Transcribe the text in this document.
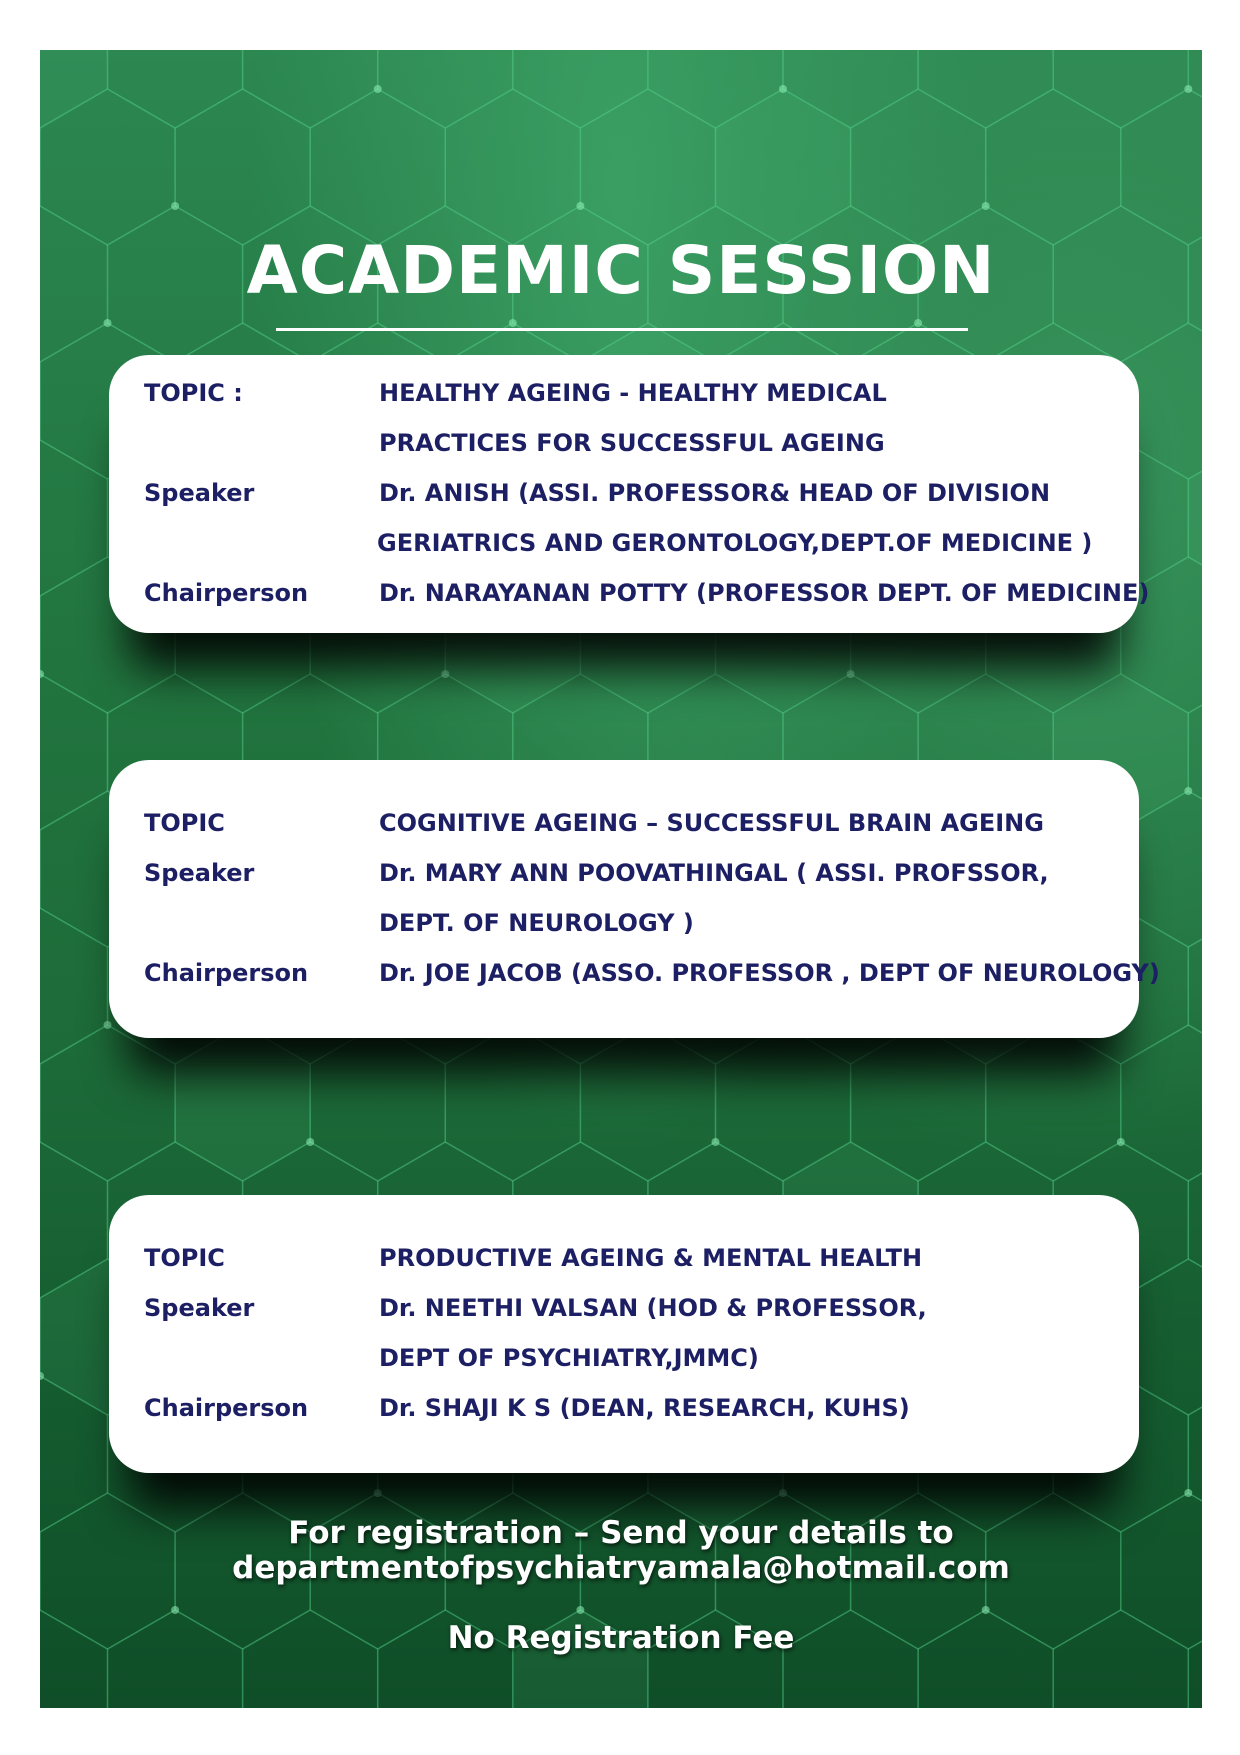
ACADEMIC SESSION
TOPIC :	HEALTHY AGEING - HEALTHY MEDICAL
PRACTICES FOR SUCCESSFUL AGEING
Speaker	Dr. ANISH (ASSI. PROFESSOR& HEAD OF DIVISION
GERIATRICS AND GERONTOLOGY,DEPT.OF MEDICINE )
Chairperson	Dr. NARAYANAN POTTY (PROFESSOR DEPT. OF MEDICINE)
TOPIC	COGNITIVE AGEING – SUCCESSFUL BRAIN AGEING
Speaker	Dr. MARY ANN POOVATHINGAL ( ASSI. PROFSSOR,
DEPT. OF NEUROLOGY )
Chairperson	Dr. JOE JACOB (ASSO. PROFESSOR , DEPT OF NEUROLOGY)
TOPIC	PRODUCTIVE AGEING & MENTAL HEALTH
Speaker	Dr. NEETHI VALSAN (HOD & PROFESSOR,
DEPT OF PSYCHIATRY,JMMC)
Chairperson	Dr. SHAJI K S (DEAN, RESEARCH, KUHS)
For registration – Send your details to
departmentofpsychiatryamala@hotmail.com
No Registration Fee
